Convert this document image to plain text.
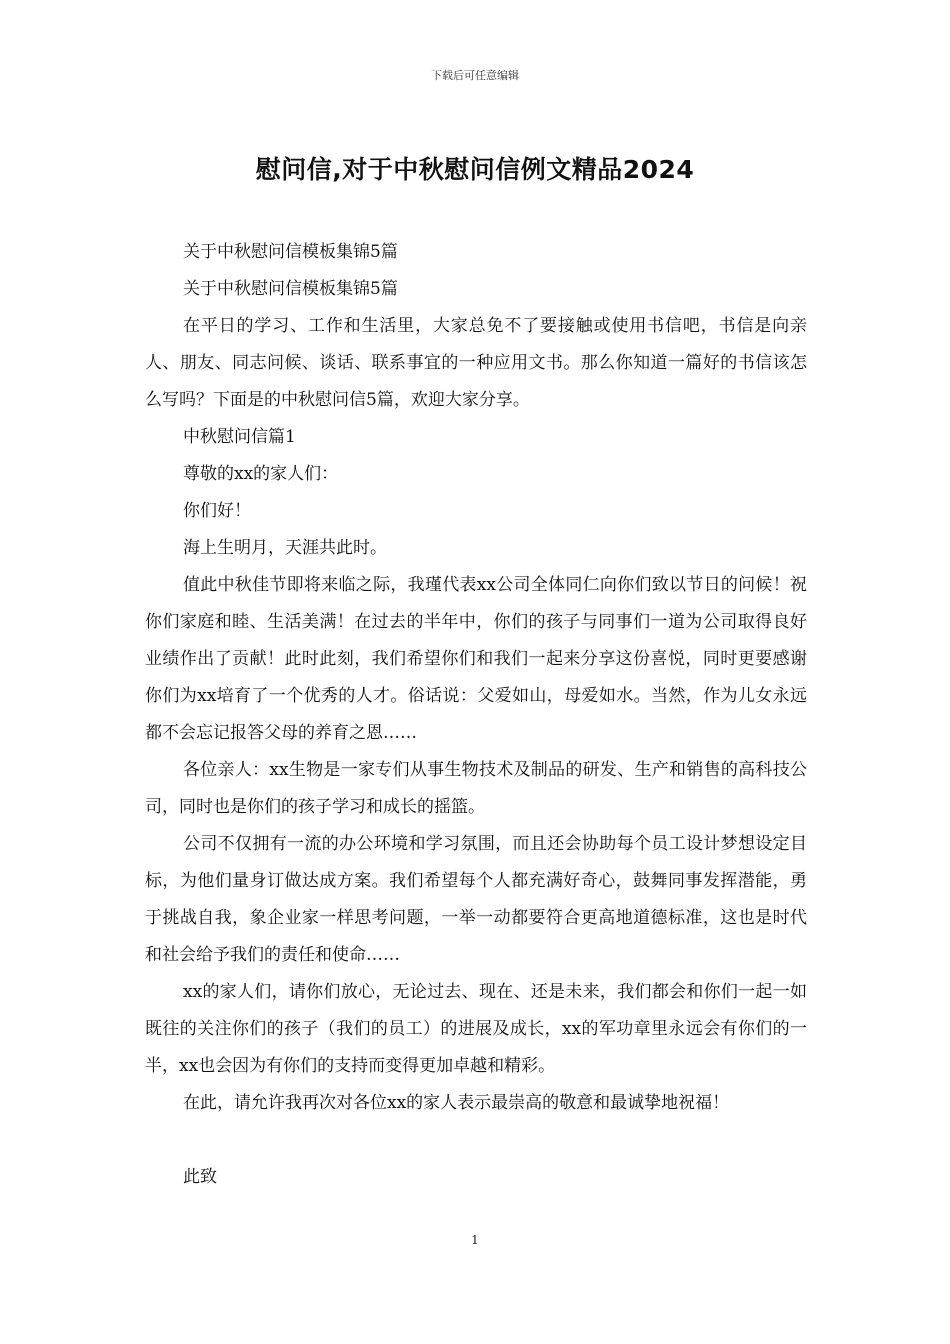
下载后可任意编辑
慰问信,对于中秋慰问信例文精品2024

关于中秋慰问信模板集锦5篇

关于中秋慰问信模板集锦5篇

在平日的学习、工作和生活里，大家总免不了要接触或使用书信吧，书信是向亲人、朋友、同志问候、谈话、联系事宜的一种应用文书。那么你知道一篇好的书信该怎么写吗？下面是的中秋慰问信5篇，欢迎大家分享。

中秋慰问信篇1

尊敬的xx的家人们：

你们好！

海上生明月，天涯共此时。

值此中秋佳节即将来临之际，我瑾代表xx公司全体同仁向你们致以节日的问候！祝你们家庭和睦、生活美满！在过去的半年中，你们的孩子与同事们一道为公司取得良好业绩作出了贡献！此时此刻，我们希望你们和我们一起来分享这份喜悦，同时更要感谢你们为xx培育了一个优秀的人才。俗话说：父爱如山，母爱如水。当然，作为儿女永远都不会忘记报答父母的养育之恩……

各位亲人：xx生物是一家专们从事生物技术及制品的研发、生产和销售的高科技公司，同时也是你们的孩子学习和成长的摇篮。

公司不仅拥有一流的办公环境和学习氛围，而且还会协助每个员工设计梦想设定目标，为他们量身订做达成方案。我们希望每个人都充满好奇心，鼓舞同事发挥潜能，勇于挑战自我，象企业家一样思考问题，一举一动都要符合更高地道德标准，这也是时代和社会给予我们的责任和使命……

xx的家人们，请你们放心，无论过去、现在、还是未来，我们都会和你们一起一如既往的关注你们的孩子（我们的员工）的进展及成长，xx的军功章里永远会有你们的一半，xx也会因为有你们的支持而变得更加卓越和精彩。

在此，请允许我再次对各位xx的家人表示最崇高的敬意和最诚挚地祝福！

此致

1
